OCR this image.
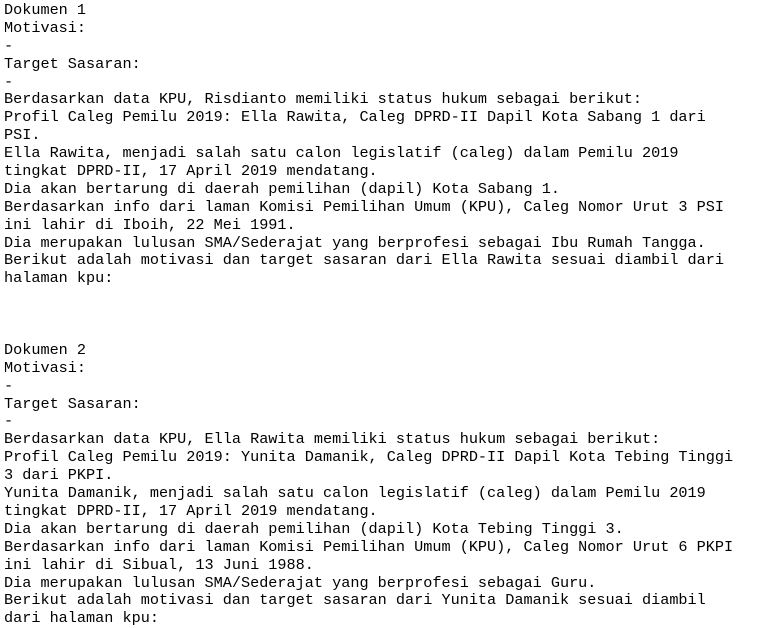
Dokumen 1
Motivasi:
-
Target Sasaran:
-
Berdasarkan data KPU, Risdianto memiliki status hukum sebagai berikut:
Profil Caleg Pemilu 2019: Ella Rawita, Caleg DPRD-II Dapil Kota Sabang 1 dari
PSI.
Ella Rawita, menjadi salah satu calon legislatif (caleg) dalam Pemilu 2019
tingkat DPRD-II, 17 April 2019 mendatang.
Dia akan bertarung di daerah pemilihan (dapil) Kota Sabang 1.
Berdasarkan info dari laman Komisi Pemilihan Umum (KPU), Caleg Nomor Urut 3 PSI
ini lahir di Iboih, 22 Mei 1991.
Dia merupakan lulusan SMA/Sederajat yang berprofesi sebagai Ibu Rumah Tangga.
Berikut adalah motivasi dan target sasaran dari Ella Rawita sesuai diambil dari
halaman kpu:
Dokumen 2
Motivasi:
-
Target Sasaran:
-
Berdasarkan data KPU, Ella Rawita memiliki status hukum sebagai berikut:
Profil Caleg Pemilu 2019: Yunita Damanik, Caleg DPRD-II Dapil Kota Tebing Tinggi
3 dari PKPI.
Yunita Damanik, menjadi salah satu calon legislatif (caleg) dalam Pemilu 2019
tingkat DPRD-II, 17 April 2019 mendatang.
Dia akan bertarung di daerah pemilihan (dapil) Kota Tebing Tinggi 3.
Berdasarkan info dari laman Komisi Pemilihan Umum (KPU), Caleg Nomor Urut 6 PKPI
ini lahir di Sibual, 13 Juni 1988.
Dia merupakan lulusan SMA/Sederajat yang berprofesi sebagai Guru.
Berikut adalah motivasi dan target sasaran dari Yunita Damanik sesuai diambil
dari halaman kpu:
